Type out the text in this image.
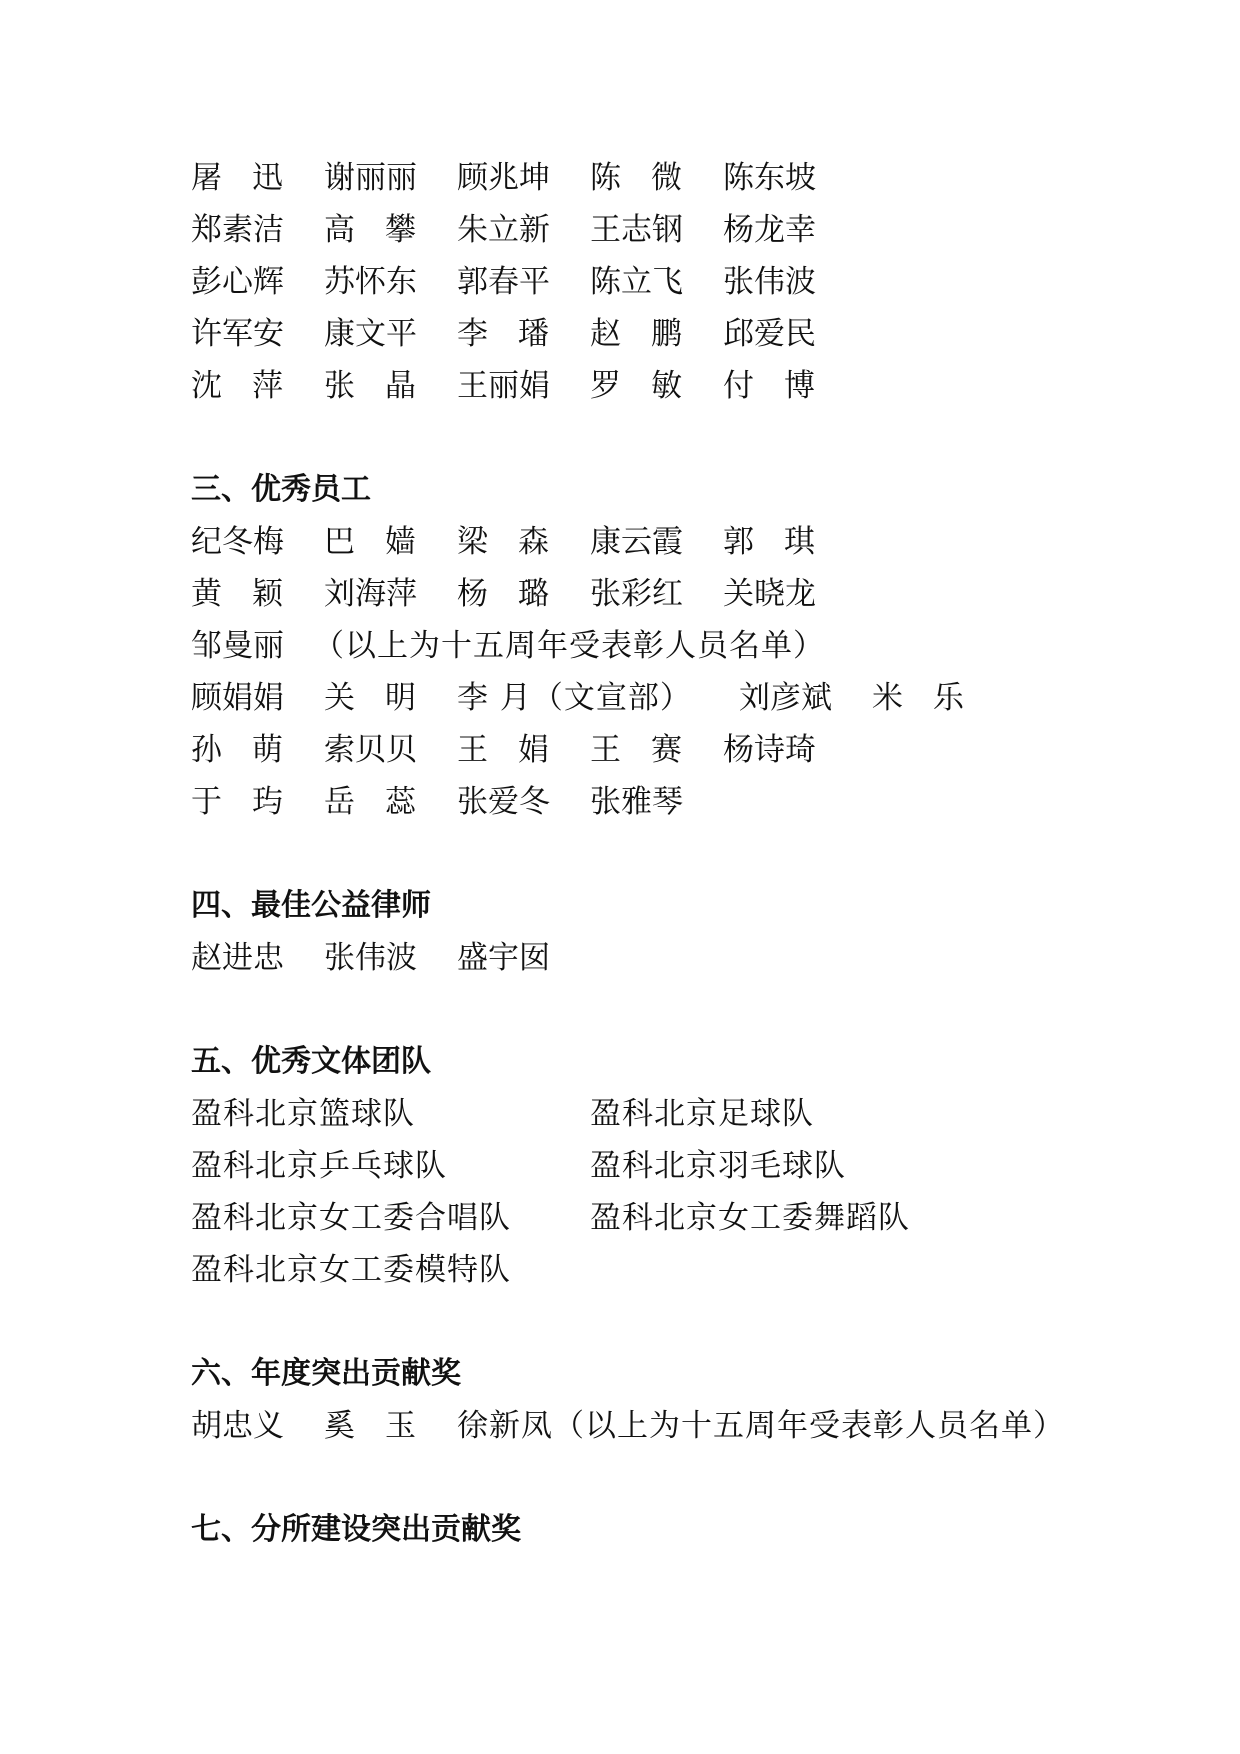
屠 迅 谢丽丽 顾兆坤 陈 微 陈东坡
郑素洁 高 攀 朱立新 王志钢 杨龙幸
彭心辉 苏怀东 郭春平 陈立飞 张伟波
许军安 康文平 李 璠 赵 鹏 邱爱民
沈 萍 张 晶 王丽娟 罗 敏 付 博
三、优秀员工
纪冬梅 巴 嫱 梁 森 康云霞 郭 琪
黄 颖 刘海萍 杨 璐 张彩红 关晓龙
邹曼丽 （以上为十五周年受表彰人员名单）
顾娟娟 关 明 李 月（文宣部） 刘彦斌 米 乐
孙 萌 索贝贝 王 娟 王 赛 杨诗琦
于 玙 岳 蕊 张爱冬 张雅琴
四、最佳公益律师
赵进忠 张伟波 盛宇囡
五、优秀文体团队
盈科北京篮球队	盈科北京足球队
盈科北京乒乓球队	盈科北京羽毛球队
盈科北京女工委合唱队	盈科北京女工委舞蹈队
盈科北京女工委模特队
六、年度突出贡献奖
胡忠义 奚 玉 徐新凤（以上为十五周年受表彰人员名单）
七、分所建设突出贡献奖
